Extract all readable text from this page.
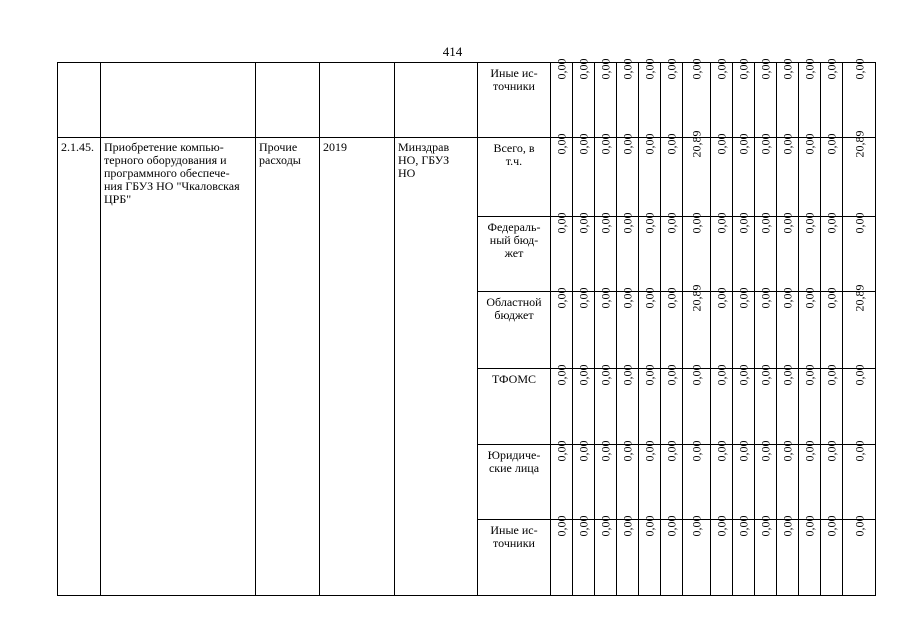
414
					Иные ис-
точники	0,00	0,00	0,00	0,00	0,00	0,00	0,00	0,00	0,00	0,00	0,00	0,00	0,00	0,00
2.1.45.	Приобретение компью-
терного оборудования и
программного обеспече-
ния ГБУЗ НО "Чкаловская
ЦРБ"	Прочие
расходы	2019	Минздрав
НО, ГБУЗ
НО	Всего, в
т.ч.	0,00	0,00	0,00	0,00	0,00	0,00	20,89	0,00	0,00	0,00	0,00	0,00	0,00	20,89
					Федераль-
ный бюд-
жет	0,00	0,00	0,00	0,00	0,00	0,00	0,00	0,00	0,00	0,00	0,00	0,00	0,00	0,00
					Областной
бюджет	0,00	0,00	0,00	0,00	0,00	0,00	20,89	0,00	0,00	0,00	0,00	0,00	0,00	20,89
					ТФОМС	0,00	0,00	0,00	0,00	0,00	0,00	0,00	0,00	0,00	0,00	0,00	0,00	0,00	0,00
					Юридиче-
ские лица	0,00	0,00	0,00	0,00	0,00	0,00	0,00	0,00	0,00	0,00	0,00	0,00	0,00	0,00
					Иные ис-
точники	0,00	0,00	0,00	0,00	0,00	0,00	0,00	0,00	0,00	0,00	0,00	0,00	0,00	0,00
